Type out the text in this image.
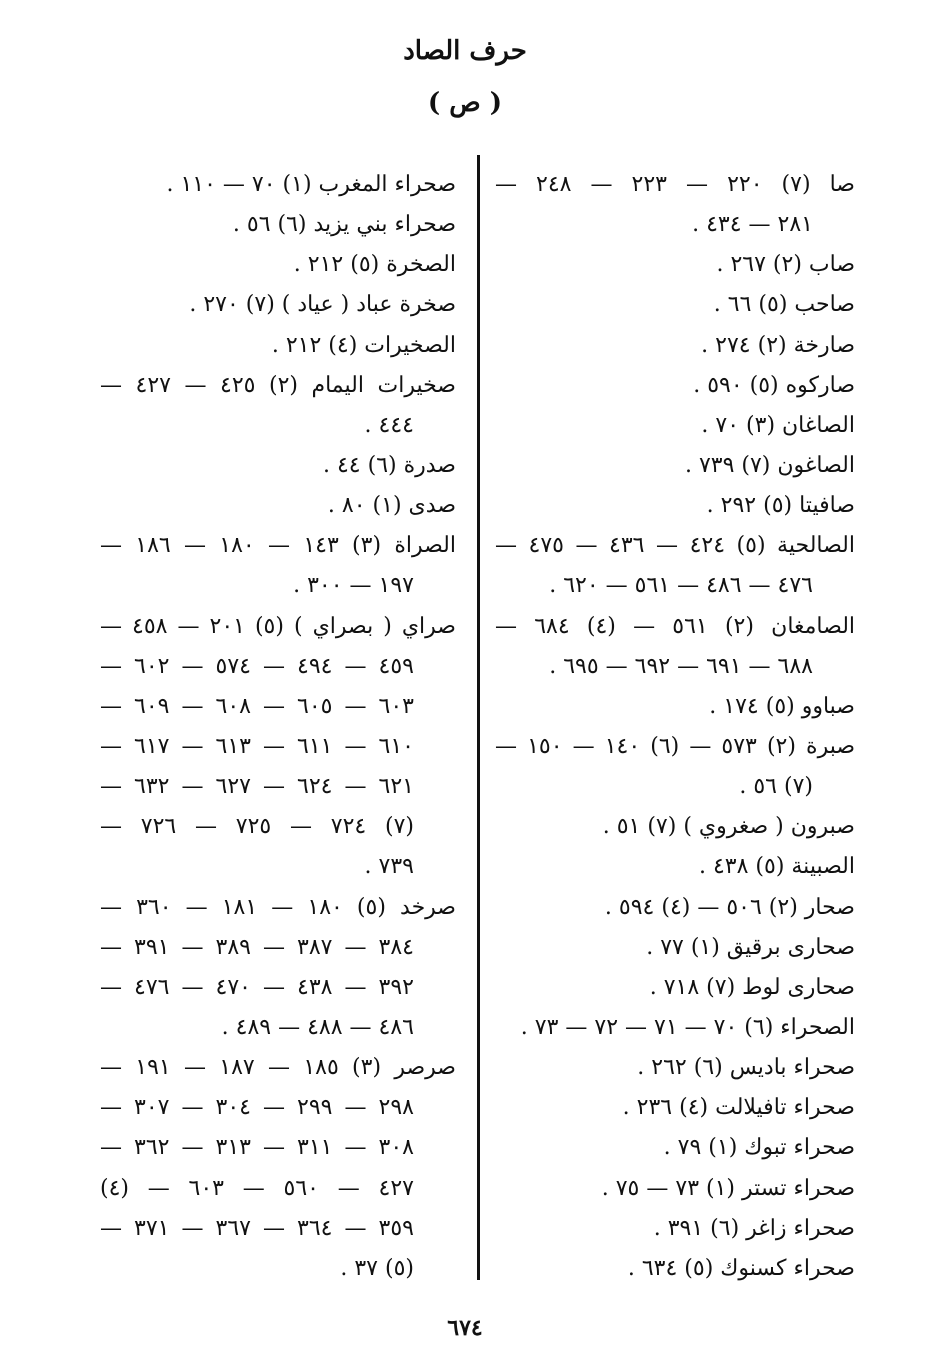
حرف الصاد
( ص )
صا (٧) ٢٢٠ — ٢٢٣ — ٢٤٨ —
٢٨١ — ٤٣٤ .
صاب (٢) ٢٦٧ .
صاحب (٥) ٦٦ .
صارخة (٢) ٢٧٤ .
صاركوه (٥) ٥٩٠ .
الصاغان (٣) ٧٠ .
الصاغون (٧) ٧٣٩ .
صافيتا (٥) ٢٩٢ .
الصالحية (٥) ٤٢٤ — ٤٣٦ — ٤٧٥ —
٤٧٦ — ٤٨٦ — ٥٦١ — ٦٢٠ .
الصامغان (٢) ٥٦١ — (٤) ٦٨٤ —
٦٨٨ — ٦٩١ — ٦٩٢ — ٦٩٥ .
صباوو (٥) ١٧٤ .
صبرة (٢) ٥٧٣ — (٦) ١٤٠ — ١٥٠ —
(٧) ٥٦ .
صبرون ( صغروي ) (٧) ٥١ .
الصبينة (٥) ٤٣٨ .
صحار (٢) ٥٠٦ — (٤) ٥٩٤ .
صحارى برقيق (١) ٧٧ .
صحارى لوط (٧) ٧١٨ .
الصحراء (٦) ٧٠ — ٧١ — ٧٢ — ٧٣ .
صحراء باديس (٦) ٢٦٢ .
صحراء تافيلالت (٤) ٢٣٦ .
صحراء تبوك (١) ٧٩ .
صحراء تستر (١) ٧٣ — ٧٥ .
صحراء زاغر (٦) ٣٩١ .
صحراء كسنوك (٥) ٦٣٤ .
صحراء المغرب (١) ٧٠ — ١١٠ .
صحراء بني يزيد (٦) ٥٦ .
الصخرة (٥) ٢١٢ .
صخرة عباد ( عياد ) (٧) ٢٧٠ .
الصخيرات (٤) ٢١٢ .
صخيرات اليمام (٢) ٤٢٥ — ٤٢٧ —
٤٤٤ .
صدرة (٦) ٤٤ .
صدى (١) ٨٠ .
الصراة (٣) ١٤٣ — ١٨٠ — ١٨٦ —
١٩٧ — ٣٠٠ .
صراي ( بصراي ) (٥) ٢٠١ — ٤٥٨ —
٤٥٩ — ٤٩٤ — ٥٧٤ — ٦٠٢ —
٦٠٣ — ٦٠٥ — ٦٠٨ — ٦٠٩ —
٦١٠ — ٦١١ — ٦١٣ — ٦١٧ —
٦٢١ — ٦٢٤ — ٦٢٧ — ٦٣٢ —
(٧) ٧٢٤ — ٧٢٥ — ٧٢٦ —
٧٣٩ .
صرخد (٥) ١٨٠ — ١٨١ — ٣٦٠ —
٣٨٤ — ٣٨٧ — ٣٨٩ — ٣٩١ —
٣٩٢ — ٤٣٨ — ٤٧٠ — ٤٧٦ —
٤٨٦ — ٤٨٨ — ٤٨٩ .
صرصر (٣) ١٨٥ — ١٨٧ — ١٩١ —
٢٩٨ — ٢٩٩ — ٣٠٤ — ٣٠٧ —
٣٠٨ — ٣١١ — ٣١٣ — ٣٦٢ —
٤٢٧ — ٥٦٠ — ٦٠٣ — (٤)
٣٥٩ — ٣٦٤ — ٣٦٧ — ٣٧١ —
(٥) ٣٧ .
٦٧٤
